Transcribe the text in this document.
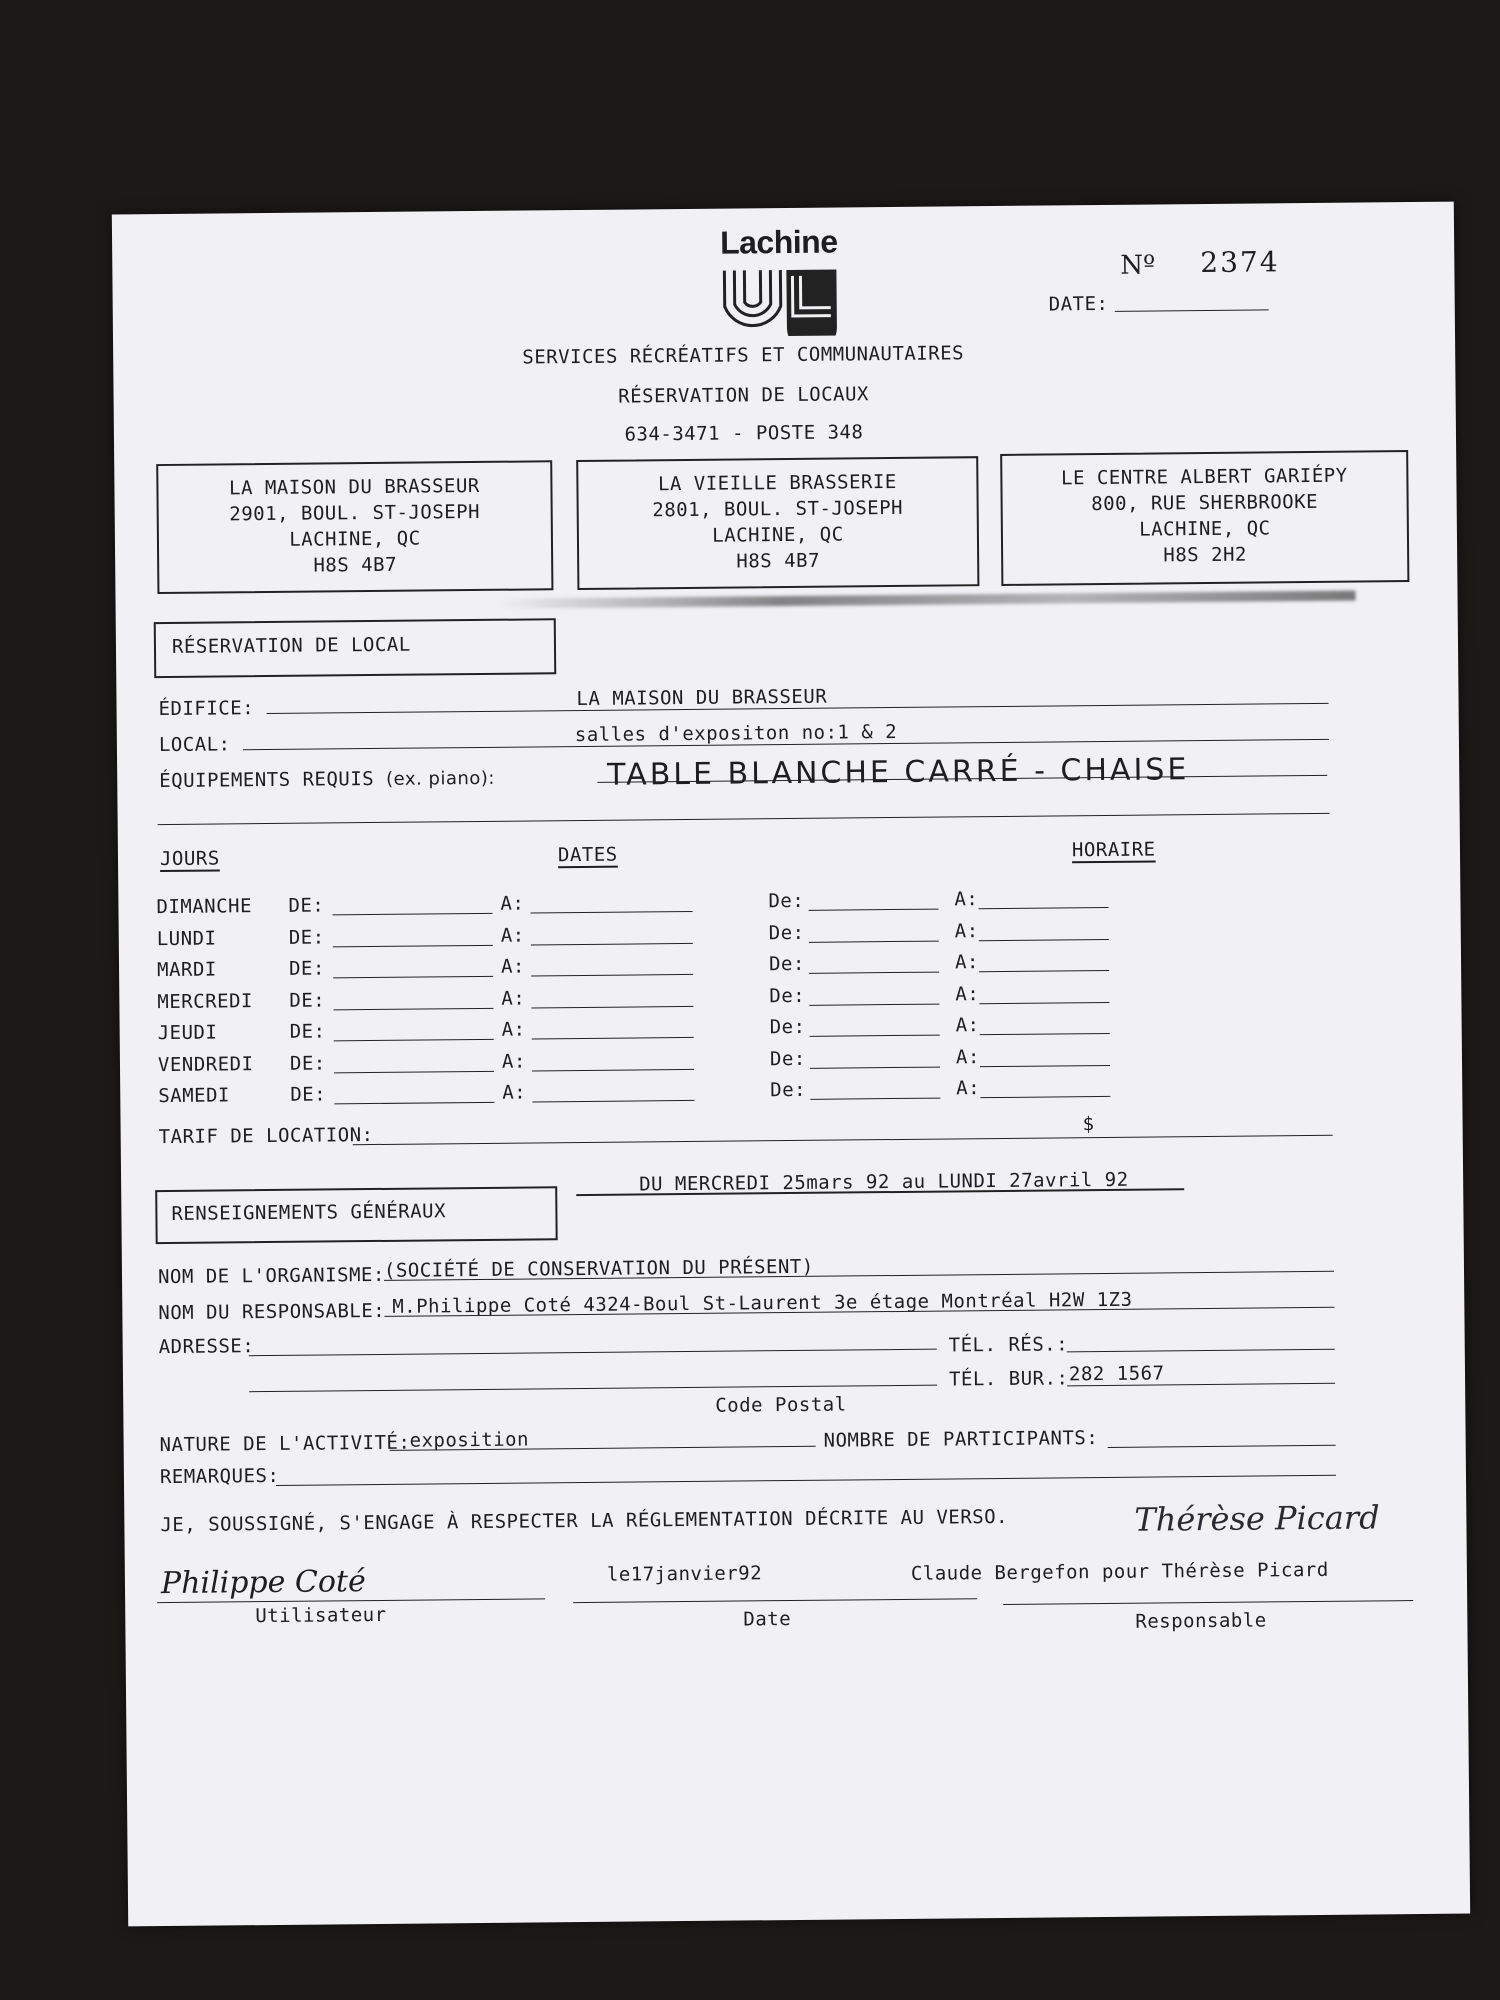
Lachine
Nº 2374
DATE:
SERVICES RÉCRÉATIFS ET COMMUNAUTAIRES
RÉSERVATION DE LOCAUX
634-3471 - POSTE 348
LA MAISON DU BRASSEUR
2901, BOUL. ST-JOSEPH
LACHINE, QC
H8S 4B7
LA VIEILLE BRASSERIE
2801, BOUL. ST-JOSEPH
LACHINE, QC
H8S 4B7
LE CENTRE ALBERT GARIÉPY
800, RUE SHERBROOKE
LACHINE, QC
H8S 2H2
RÉSERVATION DE LOCAL
ÉDIFICE:	LA MAISON DU BRASSEUR
LOCAL:	salles d'expositon no:1 & 2
ÉQUIPEMENTS REQUIS (ex. piano):	TABLE BLANCHE CARRÉ - CHAISE
JOURS	DATES	HORAIRE
DIMANCHE DE:	A:	De:	A:
LUNDI	DE:	A:	De:	A:
MARDI	DE:	A:	De:	A:
MERCREDI DE:	A:	De:	A:
JEUDI	DE:	A:	De:	A:
VENDREDI DE:	A:	De:	A:
SAMEDI	DE:	A:	De:	A:
TARIF DE LOCATION:	$
DU MERCREDI 25mars 92 au LUNDI 27avril 92
RENSEIGNEMENTS GÉNÉRAUX
NOM DE L'ORGANISME:
(SOCIÉTÉ DE CONSERVATION DU PRÉSENT)
NOM DU RESPONSABLE: M.Philippe Coté 4324-Boul St-Laurent 3e étage Montréal H2W 1Z3
ADRESSE:	TÉL. RÉS.:
TÉL. BUR.: 282 1567
Code Postal
NATURE DE L'ACTIVITÉ: exposition	NOMBRE DE PARTICIPANTS:
REMARQUES:
JE, SOUSSIGNÉ, S'ENGAGE À RESPECTER LA RÉGLEMENTATION DÉCRITE AU VERSO.
Philippe Coté
Utilisateur
le17janvier92
Date
Thérèse Picard
Claude Bergefon pour Thérèse Picard
Responsable
